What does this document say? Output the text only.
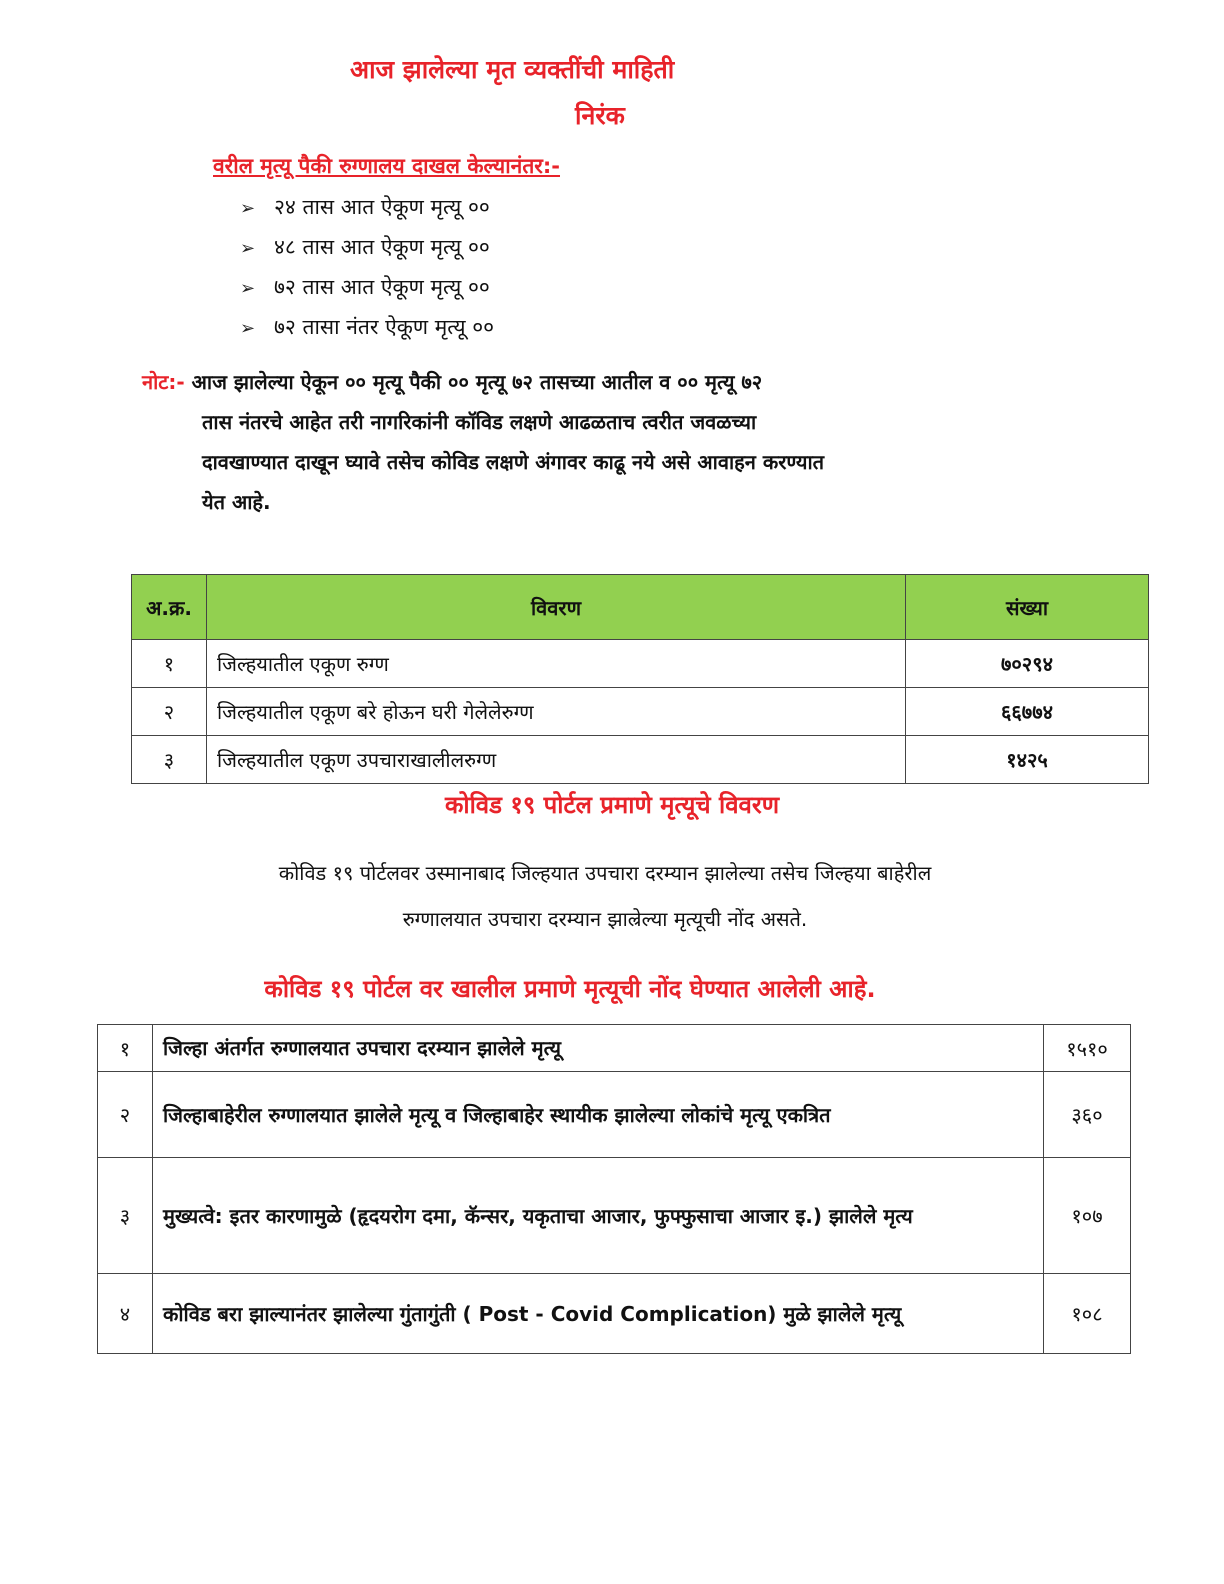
आज झालेल्या मृत व्यक्तींची माहिती
निरंक
वरील मृत्यू पैकी रुग्णालय दाखल केल्यानंतर:-
➢ २४ तास आत ऐकूण मृत्यू ००
➢ ४८ तास आत ऐकूण मृत्यू ००
➢ ७२ तास आत ऐकूण मृत्यू ००
➢ ७२ तासा नंतर ऐकूण मृत्यू ००
नोट:- आज झालेल्या ऐकून ०० मृत्यू पैकी ०० मृत्यू ७२ तासच्या आतील व ०० मृत्यू ७२
तास नंतरचे आहेत तरी नागरिकांनी कॉविड लक्षणे आढळताच त्वरीत जवळच्या
दावखाण्यात दाखून घ्यावे तसेच कोविड लक्षणे अंगावर काढू नये असे आवाहन करण्यात
येत आहे.
अ.क्र.	विवरण	संख्या
१	जिल्हयातील एकूण रुग्ण	७०२९४
२	जिल्हयातील एकूण बरे होऊन घरी गेलेलेरुग्ण	६६७७४
३	जिल्हयातील एकूण उपचाराखालीलरुग्ण	१४२५
कोविड १९ पोर्टल प्रमाणे मृत्यूचे विवरण
कोविड १९ पोर्टलवर उस्मानाबाद जिल्हयात उपचारा दरम्यान झालेल्या तसेच जिल्हया बाहेरील
रुग्णालयात उपचारा दरम्यान झाल्रेल्या मृत्यूची नोंद असते.
कोविड १९ पोर्टल वर खालील प्रमाणे मृत्यूची नोंद घेण्यात आलेली आहे.
१	जिल्हा अंतर्गत रुग्णालयात उपचारा दरम्यान झालेले मृत्यू	१५१०
२	जिल्हाबाहेरील रुग्णालयात झालेले मृत्यू व जिल्हाबाहेर स्थायीक झालेल्या लोकांचे मृत्यू एकत्रित	३६०
३	मुख्यत्वे: इतर कारणामुळे (हृदयरोग दमा, कॅन्सर, यकृताचा आजार, फुफ्फुसाचा आजार इ.) झालेले मृत्य	१०७
४	कोविड बरा झाल्यानंतर झालेल्या गुंतागुंती ( Post - Covid Complication) मुळे झालेले मृत्यू	१०८
